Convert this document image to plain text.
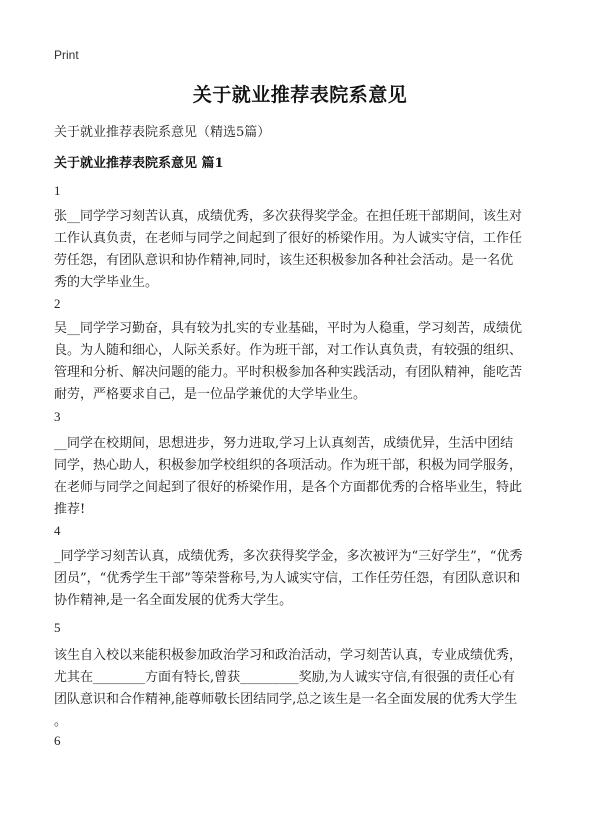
Print
关于就业推荐表院系意见
关于就业推荐表院系意见（精选5篇）
关于就业推荐表院系意见 篇1
1
张__同学学习刻苦认真，成绩优秀，多次获得奖学金。在担任班干部期间，该生对
工作认真负责，在老师与同学之间起到了很好的桥梁作用。为人诚实守信，工作任
劳任怨，有团队意识和协作精神,同时，该生还积极参加各种社会活动。是一名优
秀的大学毕业生。
2
吴__同学学习勤奋，具有较为扎实的专业基础，平时为人稳重，学习刻苦，成绩优
良。为人随和细心，人际关系好。作为班干部，对工作认真负责，有较强的组织、
管理和分析、解决问题的能力。平时积极参加各种实践活动，有团队精神，能吃苦
耐劳，严格要求自己，是一位品学兼优的大学毕业生。
3
__同学在校期间，思想进步，努力进取,学习上认真刻苦，成绩优异，生活中团结
同学，热心助人，积极参加学校组织的各项活动。作为班干部，积极为同学服务，
在老师与同学之间起到了很好的桥梁作用，是各个方面都优秀的合格毕业生，特此
推荐!
4
_同学学习刻苦认真，成绩优秀，多次获得奖学金，多次被评为“三好学生”，“优秀
团员”，“优秀学生干部”等荣誉称号,为人诚实守信，工作任劳任怨，有团队意识和
协作精神,是一名全面发展的优秀大学生。
5
该生自入校以来能积极参加政治学习和政治活动，学习刻苦认真，专业成绩优秀，
尤其在________方面有特长,曾获_________奖励,为人诚实守信,有很强的责任心有
团队意识和合作精神,能尊师敬长团结同学,总之该生是一名全面发展的优秀大学生
。
6
